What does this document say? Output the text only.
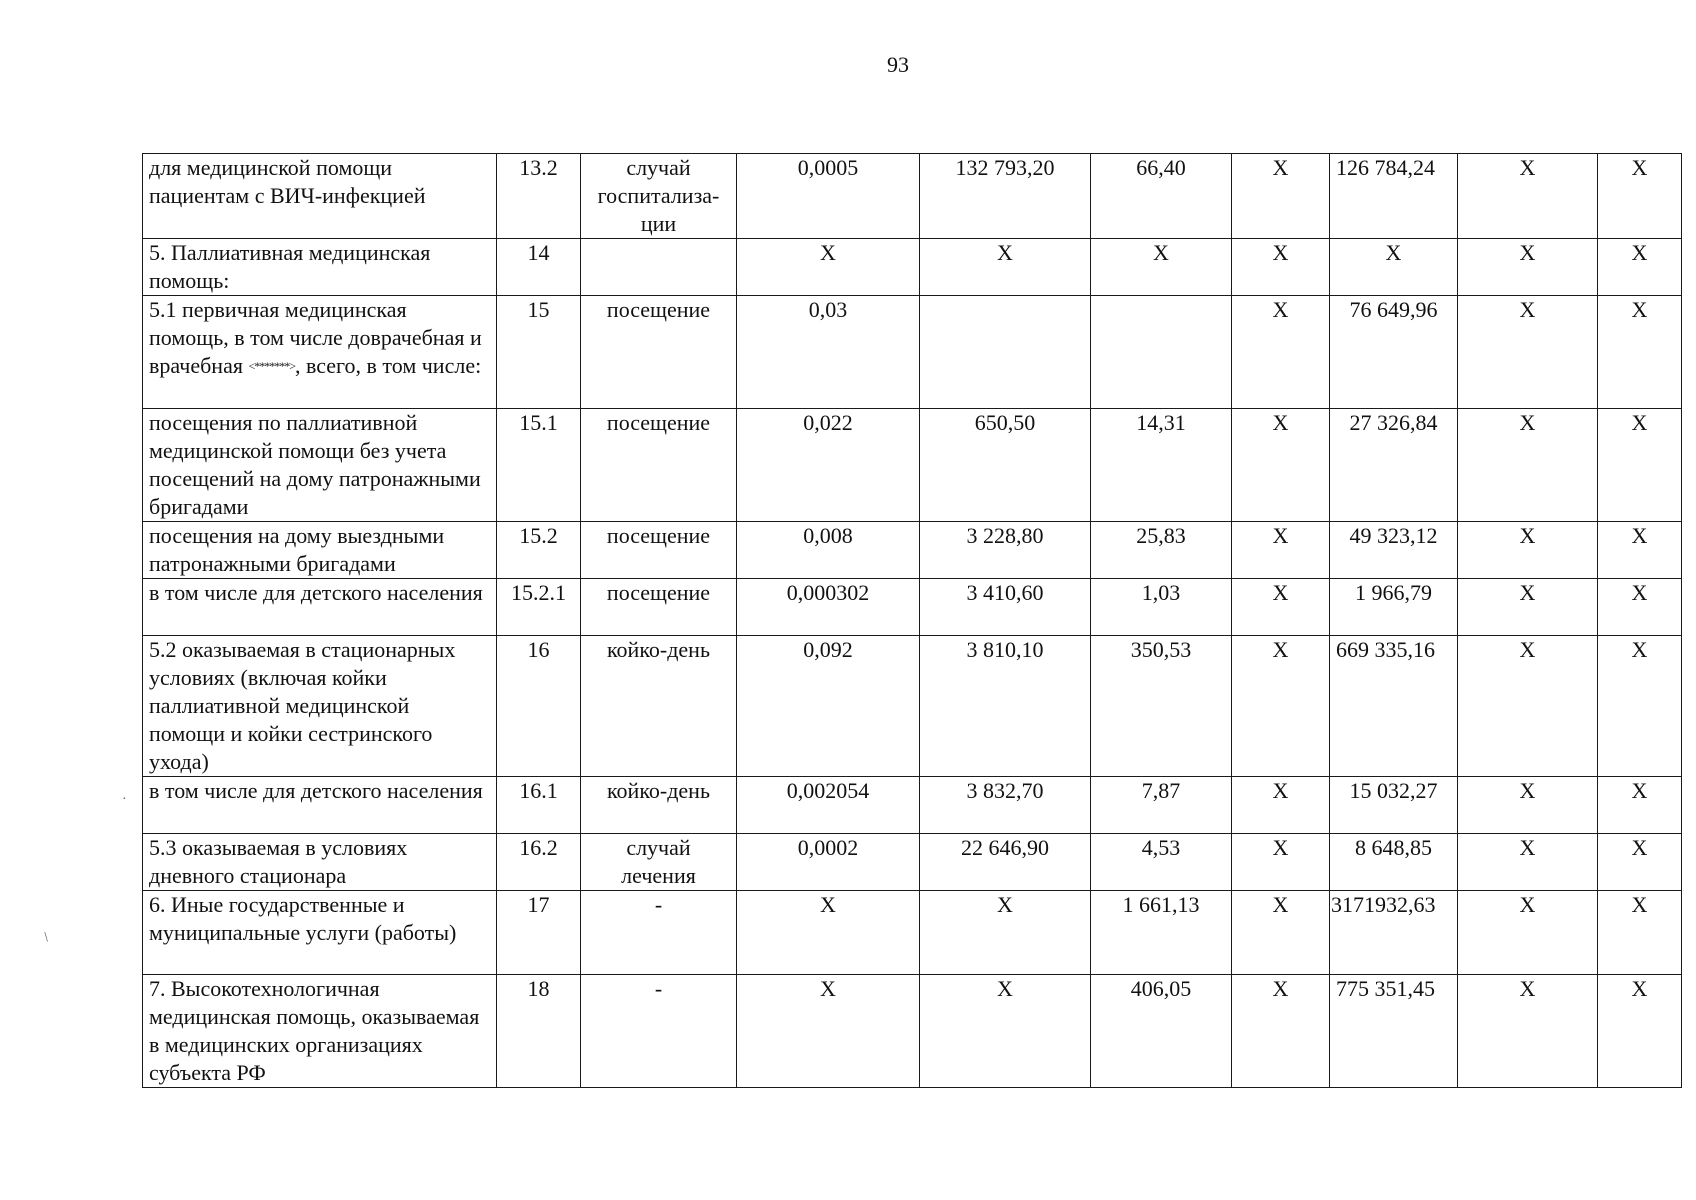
93
для медицинской помощи пациентам с ВИЧ-инфекцией	13.2	случай госпитализа-ции	0,0005	132 793,20	66,40	X	126 784,24	X	X
5. Паллиативная медицинская помощь:	14		X	X	X	X	X	X	X
5.1 первичная медицинская помощь, в том числе доврачебная и врачебная <*******>, всего, в том числе:	15	посещение	0,03			X	76 649,96	X	X
посещения по паллиативной медицинской помощи без учета посещений на дому патронажными бригадами	15.1	посещение	0,022	650,50	14,31	X	27 326,84	X	X
посещения на дому выездными патронажными бригадами	15.2	посещение	0,008	3 228,80	25,83	X	49 323,12	X	X
в том числе для детского населения	15.2.1	посещение	0,000302	3 410,60	1,03	X	1 966,79	X	X
5.2 оказываемая в стационарных условиях (включая койки паллиативной медицинской помощи и койки сестринского ухода)	16	койко-день	0,092	3 810,10	350,53	X	669 335,16	X	X
в том числе для детского населения	16.1	койко-день	0,002054	3 832,70	7,87	X	15 032,27	X	X
5.3 оказываемая в условиях дневного стационара	16.2	случай лечения	0,0002	22 646,90	4,53	X	8 648,85	X	X
6. Иные государственные и муниципальные услуги (работы)	17	-	X	X	1 661,13	X	3171932,63	X	X
7. Высокотехнологичная медицинская помощь, оказываемая в медицинских организациях субъекта РФ	18	-	X	X	406,05	X	775 351,45	X	X
·
/
